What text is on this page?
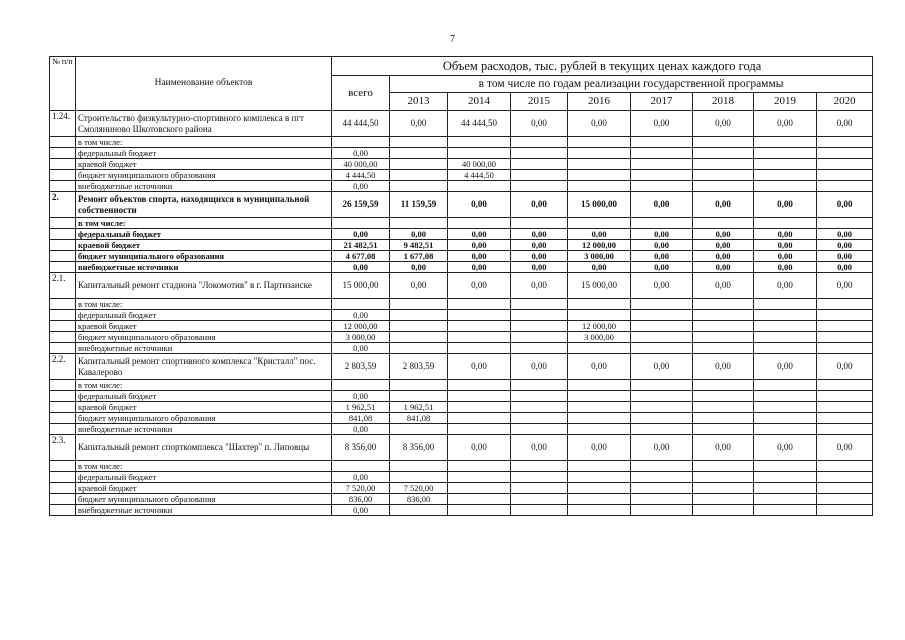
7
№ п/п	Наименование объектов	Объем расходов, тыс. рублей в текущих ценах каждого года								
		всего	в том числе по годам реализации государственной программы							
			2013	2014	2015	2016	2017	2018	2019	2020
1.24.	Строительство физкультурно-спортивного комплекса в пгт Смоляниново Шкотовского района	44 444,50	0,00	44 444,50	0,00	0,00	0,00	0,00	0,00	0,00
	в том числе:									
	федеральный бюджет	0,00								
	краевой бюджет	40 000,00		40 000,00						
	бюджет муниципального образования	4 444,50		4 444,50						
	внебюджетные источники	0,00								
2.	Ремонт объектов спорта, находящихся в муниципальной собственности	26 159,59	11 159,59	0,00	0,00	15 000,00	0,00	0,00	0,00	0,00
	в том числе:									
	федеральный бюджет	0,00	0,00	0,00	0,00	0,00	0,00	0,00	0,00	0,00
	краевой бюджет	21 482,51	9 482,51	0,00	0,00	12 000,00	0,00	0,00	0,00	0,00
	бюджет муниципального образования	4 677,08	1 677,08	0,00	0,00	3 000,00	0,00	0,00	0,00	0,00
	внебюджетные источники	0,00	0,00	0,00	0,00	0,00	0,00	0,00	0,00	0,00
2.1.	Капитальный ремонт стадиона "Локомотив" в г. Партизанске	15 000,00	0,00	0,00	0,00	15 000,00	0,00	0,00	0,00	0,00
	в том числе:									
	федеральный бюджет	0,00								
	краевой бюджет	12 000,00				12 000,00				
	бюджет муниципального образования	3 000,00				3 000,00				
	внебюджетные источники	0,00								
2.2.	Капитальный ремонт спортивного комплекса "Кристалл" пос. Кавалерово	2 803,59	2 803,59	0,00	0,00	0,00	0,00	0,00	0,00	0,00
	в том числе:									
	федеральный бюджет	0,00								
	краевой бюджет	1 962,51	1 962,51							
	бюджет муниципального образования	841,08	841,08							
	внебюджетные источники	0,00								
2.3.	Капитальный ремонт спорткомплекса "Шахтер" п. Липовцы	8 356,00	8 356,00	0,00	0,00	0,00	0,00	0,00	0,00	0,00
	в том числе:									
	федеральный бюджет	0,00								
	краевой бюджет	7 520,00	7 520,00							
	бюджет муниципального образования	836,00	836,00							
	внебюджетные источники	0,00								
